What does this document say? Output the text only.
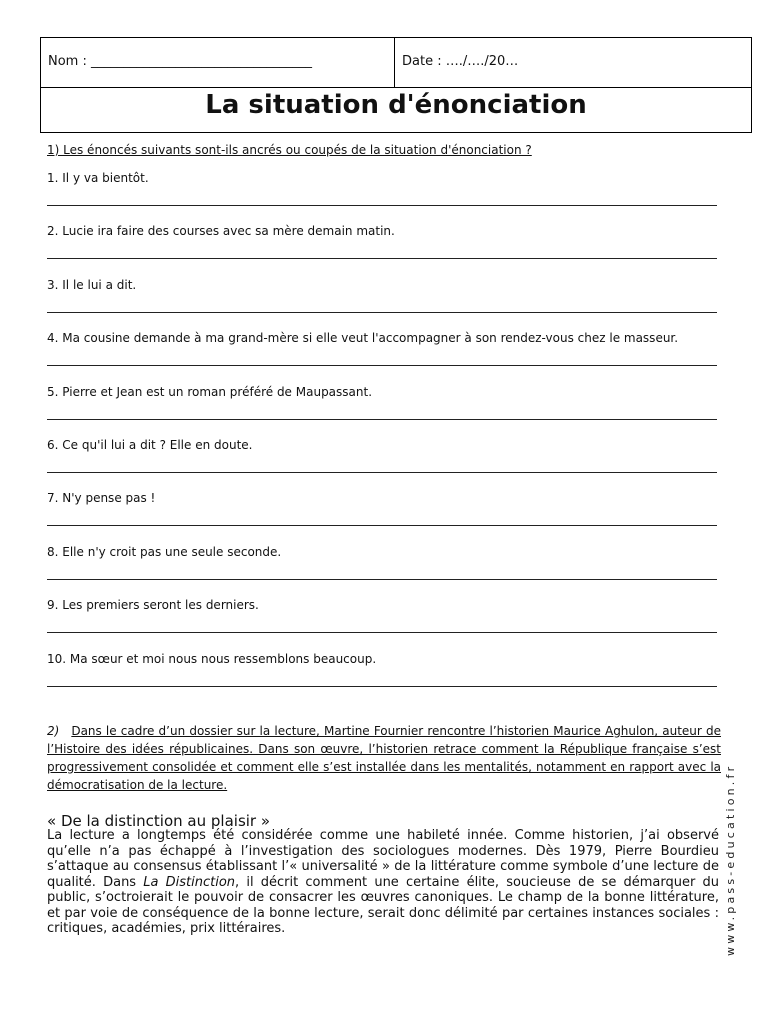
Nom : __________________________________	Date : …./…./20…
La situation d'énonciation
1) Les énoncés suivants sont-ils ancrés ou coupés de la situation d'énonciation ?
1. Il y va bientôt.
2. Lucie ira faire des courses avec sa mère demain matin.
3. Il le lui a dit.
4. Ma cousine demande à ma grand-mère si elle veut l'accompagner à son rendez-vous chez le masseur.
5. Pierre et Jean est un roman préféré de Maupassant.
6. Ce qu'il lui a dit ? Elle en doute.
7. N'y pense pas !
8. Elle n'y croit pas une seule seconde.
9. Les premiers seront les derniers.
10. Ma sœur et moi nous nous ressemblons beaucoup.
2) Dans le cadre d’un dossier sur la lecture, Martine Fournier rencontre l’historien Maurice Aghulon, auteur de l’Histoire des idées républicaines. Dans son œuvre, l’historien retrace comment la République française s’est progressivement consolidée et comment elle s’est installée dans les mentalités, notamment en rapport avec la démocratisation de la lecture.
« De la distinction au plaisir »
La lecture a longtemps été considérée comme une habileté innée. Comme historien, j’ai observé qu’elle n’a pas échappé à l’investigation des sociologues modernes. Dès 1979, Pierre Bourdieu s’attaque au consensus établissant l’« universalité » de la littérature comme symbole d’une lecture de qualité. Dans La Distinction, il décrit comment une certaine élite, soucieuse de se démarquer du public, s’octroierait le pouvoir de consacrer les œuvres canoniques. Le champ de la bonne littérature, et par voie de conséquence de la bonne lecture, serait donc délimité par certaines instances sociales : critiques, académies, prix littéraires.	www.pass-education.fr
